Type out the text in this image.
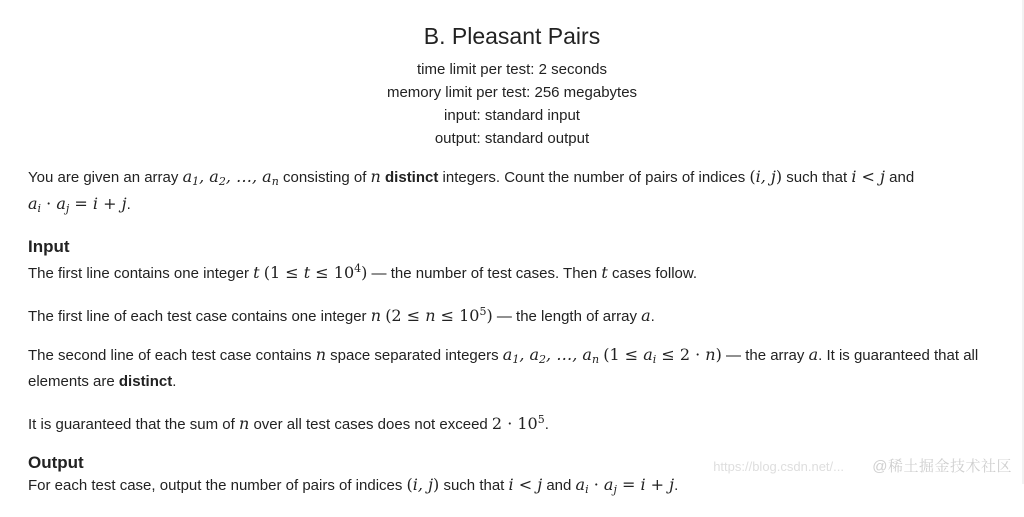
B. Pleasant Pairs
time limit per test: 2 seconds
memory limit per test: 256 megabytes
input: standard input
output: standard output
You are given an array $a_1$, $a_2$, …, $a_n$ consisting of n distinct integers. Count the number of pairs of indices (i, j) such that i < j and
$a_i \cdot a_j = i + j$.
Input
The first line contains one integer t $(1 \le t \le 10^4)$ — the number of test cases. Then t cases follow.
The first line of each test case contains one integer n $(2 \le n \le 10^5)$ — the length of array a.
The second line of each test case contains n space separated integers $a_1$, $a_2$, …, $a_n$ $(1 \le a_i \le 2 \cdot n)$ — the array a. It is guaranteed that all elements are distinct.
It is guaranteed that the sum of n over all test cases does not exceed $2 \cdot 10^5$.
Output
For each test case, output the number of pairs of indices (i, j) such that i < j and $a_i \cdot a_j = i + j$.
https://blog.csdn.net/... @稀土掘金技术社区
